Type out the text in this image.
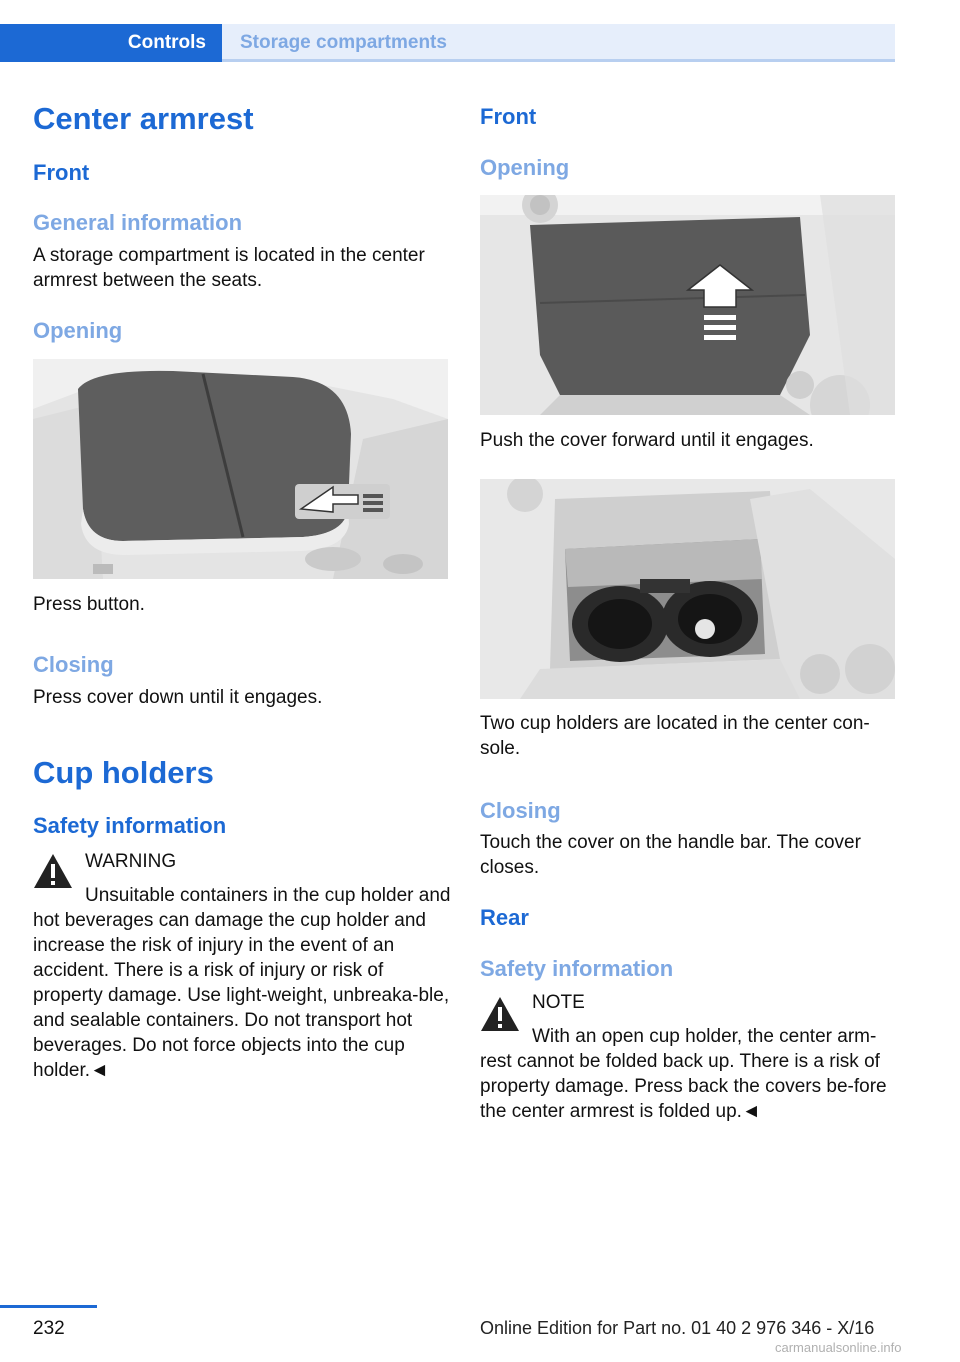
Controls	Storage compartments
Center armrest
Front
General information

A storage compartment is located in the center armrest between the seats.

Opening

Press button.

Closing

Press cover down until it engages.

Cup holders
Safety information

WARNING

Unsuitable containers in the cup holder and hot beverages can damage the cup holder and increase the risk of injury in the event of an accident. There is a risk of injury or risk of property damage. Use light-weight, unbreaka-ble, and sealable containers. Do not transport hot beverages. Do not force objects into the cup holder.◄

Front
Opening

Push the cover forward until it engages.

Two cup holders are located in the center con-sole.

Closing

Touch the cover on the handle bar. The cover closes.

Rear
Safety information

NOTE

With an open cup holder, the center arm-rest cannot be folded back up. There is a risk of property damage. Press back the covers be-fore the center armrest is folded up.◄

232	Online Edition for Part no. 01 40 2 976 346 - X/16
carmanualsonline.info
